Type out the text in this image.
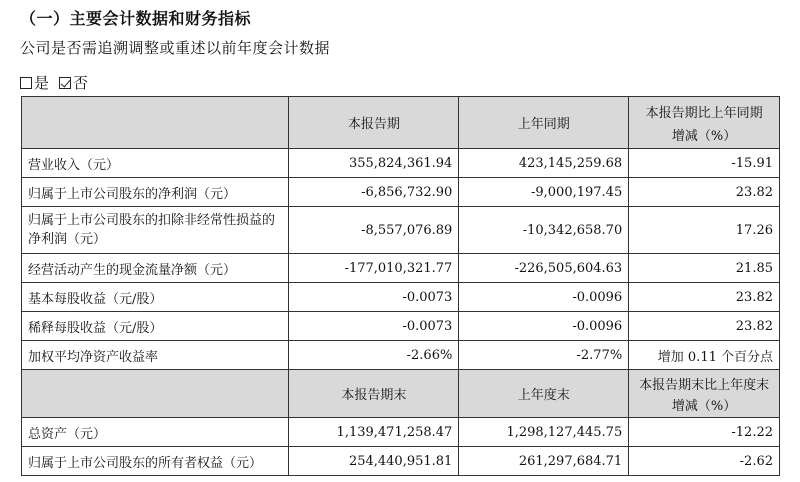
（一）主要会计数据和财务指标
公司是否需追溯调整或重述以前年度会计数据
是 否
	本报告期	上年同期	本报告期比上年同期
增减（%）

营业收入（元）	355,824,361.94	423,145,259.68	-15.91
归属于上市公司股东的净利润（元）	-6,856,732.90	-9,000,197.45	23.82
归属于上市公司股东的扣除非经常性损益的净利润（元）	-8,557,076.89	-10,342,658.70	17.26
经营活动产生的现金流量净额（元）	-177,010,321.77	-226,505,604.63	21.85
基本每股收益（元/股）	-0.0073	-0.0096	23.82
稀释每股收益（元/股）	-0.0073	-0.0096	23.82
加权平均净资产收益率	-2.66%	-2.77%	增加 0.11 个百分点
	本报告期末	上年度末	本报告期末比上年度末
增减（%）

总资产（元）	1,139,471,258.47	1,298,127,445.75	-12.22
归属于上市公司股东的所有者权益（元）	254,440,951.81	261,297,684.71	-2.62
